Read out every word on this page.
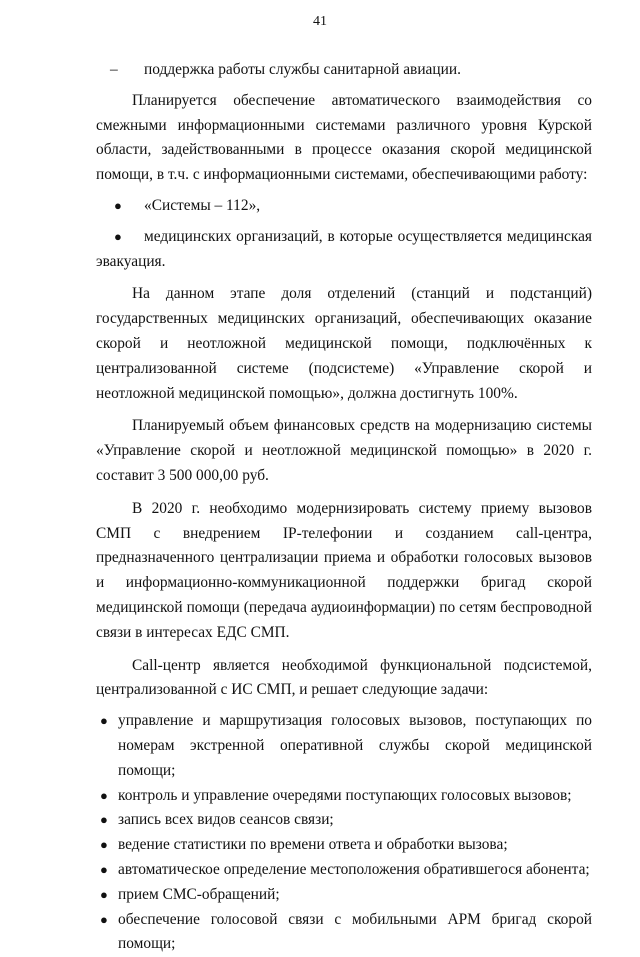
41

– поддержка работы службы санитарной авиации.

Планируется обеспечение автоматического взаимодействия со смежными информационными системами различного уровня Курской области, задействованными в процессе оказания скорой медицинской помощи, в т.ч. с информационными системами, обеспечивающими работу:

● «Системы – 112»,

●	медицинских организаций, в которые осуществляется медицинская эвакуация.

На данном этапе доля отделений (станций и подстанций) государственных медицинских организаций, обеспечивающих оказание скорой и неотложной медицинской помощи, подключённых к централизованной системе (подсистеме) «Управление скорой и неотложной медицинской помощью», должна достигнуть 100%.

Планируемый объем финансовых средств на модернизацию системы «Управление скорой и неотложной медицинской помощью» в 2020 г. составит 3 500 000,00 руб.

В 2020 г. необходимо модернизировать систему приему вызовов СМП с внедрением IP-телефонии и созданием call-центра, предназначенного централизации приема и обработки голосовых вызовов и информационно-коммуникационной поддержки бригад скорой медицинской помощи (передача аудиоинформации) по сетям беспроводной связи в интересах ЕДС СМП.

Call-центр является необходимой функциональной подсистемой, централизованной с ИС СМП, и решает следующие задачи:

● управление и маршрутизация голосовых вызовов, поступающих по номерам экстренной оперативной службы скорой медицинской помощи;

● контроль и управление очередями поступающих голосовых вызовов;

● запись всех видов сеансов связи;

● ведение статистики по времени ответа и обработки вызова;

● автоматическое определение местоположения обратившегося абонента;

● прием СМС-обращений;

● обеспечение голосовой связи с мобильными АРМ бригад скорой помощи;
